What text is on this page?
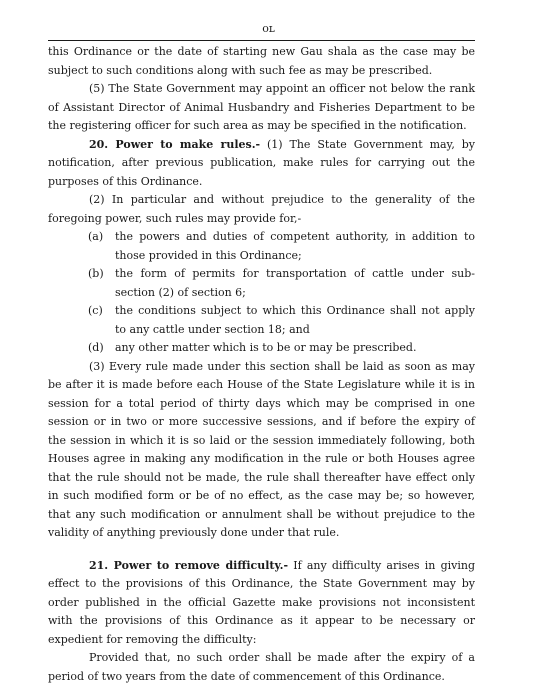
ᴏʟ

this Ordinance or the date of starting new Gau shala as the case may be subject to such conditions along with such fee as may be prescribed.

(5) The State Government may appoint an officer not below the rank of Assistant Director of Animal Husbandry and Fisheries Department to be the registering officer for such area as may be specified in the notification.

20. Power to make rules.- (1) The State Government may, by notification, after previous publication, make rules for carrying out the purposes of this Ordinance.

(2) In particular and without prejudice to the generality of the foregoing power, such rules may provide for,-

(a)	the powers and duties of competent authority, in addition to those provided in this Ordinance;
(b)	the form of permits for transportation of cattle under sub-section (2) of section 6;
(c)	the conditions subject to which this Ordinance shall not apply to any cattle under section 18; and
(d)	any other matter which is to be or may be prescribed.

(3) Every rule made under this section shall be laid as soon as may be after it is made before each House of the State Legislature while it is in session for a total period of thirty days which may be comprised in one session or in two or more successive sessions, and if before the expiry of the session in which it is so laid or the session immediately following, both Houses agree in making any modification in the rule or both Houses agree that the rule should not be made, the rule shall thereafter have effect only in such modified form or be of no effect, as the case may be; so however, that any such modification or annulment shall be without prejudice to the validity of anything previously done under that rule.

21. Power to remove difficulty.- If any difficulty arises in giving effect to the provisions of this Ordinance, the State Government may by order published in the official Gazette make provisions not inconsistent with the provisions of this Ordinance as it appear to be necessary or expedient for removing the difficulty:

Provided that, no such order shall be made after the expiry of a period of two years from the date of commencement of this Ordinance.
